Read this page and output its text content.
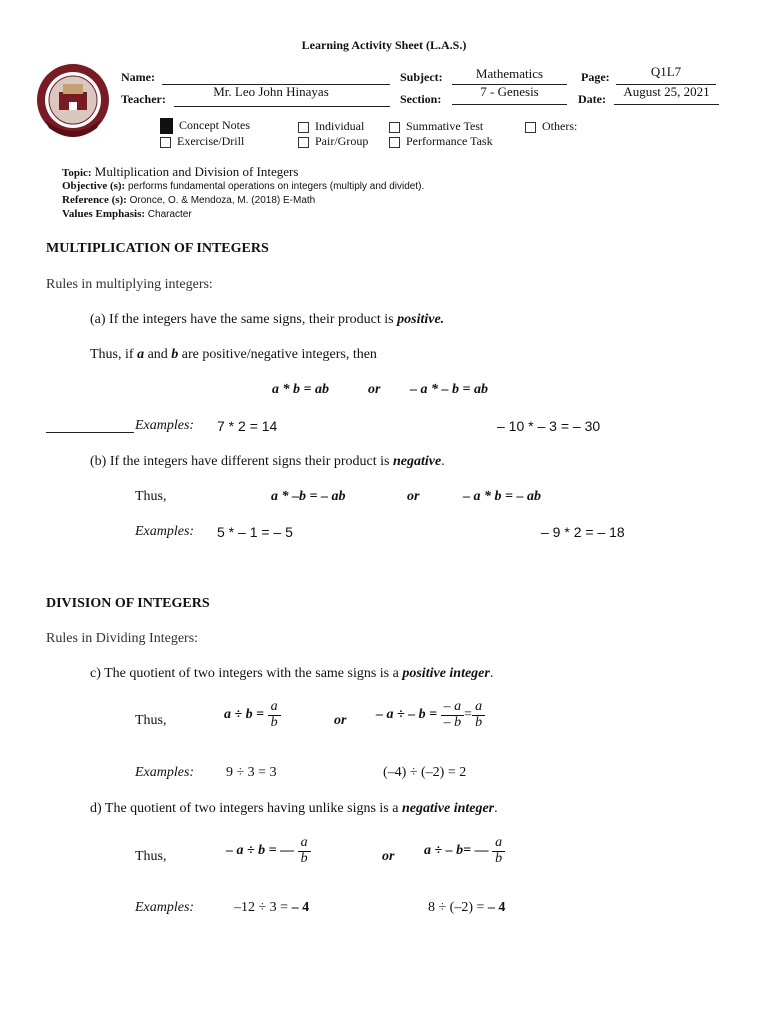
Learning Activity Sheet (L.A.S.)
Name:
Teacher:	Mr. Leo John Hinayas
Subject:	Mathematics
Section:	7 - Genesis
Page:	Q1L7
Date:	August 25, 2021
Concept Notes
Exercise/Drill
Individual
Pair/Group
Summative Test
Performance Task
Others:
Topic: Multiplication and Division of Integers
Objective (s): performs fundamental operations on integers (multiply and dividet).
Reference (s): Oronce, O. & Mendoza, M. (2018) E-Math
Values Emphasis: Character
MULTIPLICATION OF INTEGERS
Rules in multiplying integers:
(a) If the integers have the same signs, their product is positive.
Thus, if a and b are positive/negative integers, then
a * b = ab	or – a * – b = ab
Examples: 7 * 2 = 14	– 10 * – 3 = – 30
(b) If the integers have different signs their product is negative.
Thus,	a * –b = – ab	or	– a * b = – ab
Examples: 5 * – 1 = – 5	– 9 * 2 = – 18
DIVISION OF INTEGERS
Rules in Dividing Integers:
c) The quotient of two integers with the same signs is a positive integer.
Thus,	$a \div b = \frac{a}{b}$	or – a ÷ – $b = \frac{- a}{- b} = \frac{a}{b}$
Examples: 9 ÷ 3 = 3	(–4) ÷ (–2) = 2
d) The quotient of two integers having unlike signs is a negative integer.
Thus,	– a ÷ b = — $\frac{a}{b}$	or a ÷ – b= — $\frac{a}{b}$
Examples:	–12 ÷ 3 = – 4	8 ÷ (–2) = – 4
